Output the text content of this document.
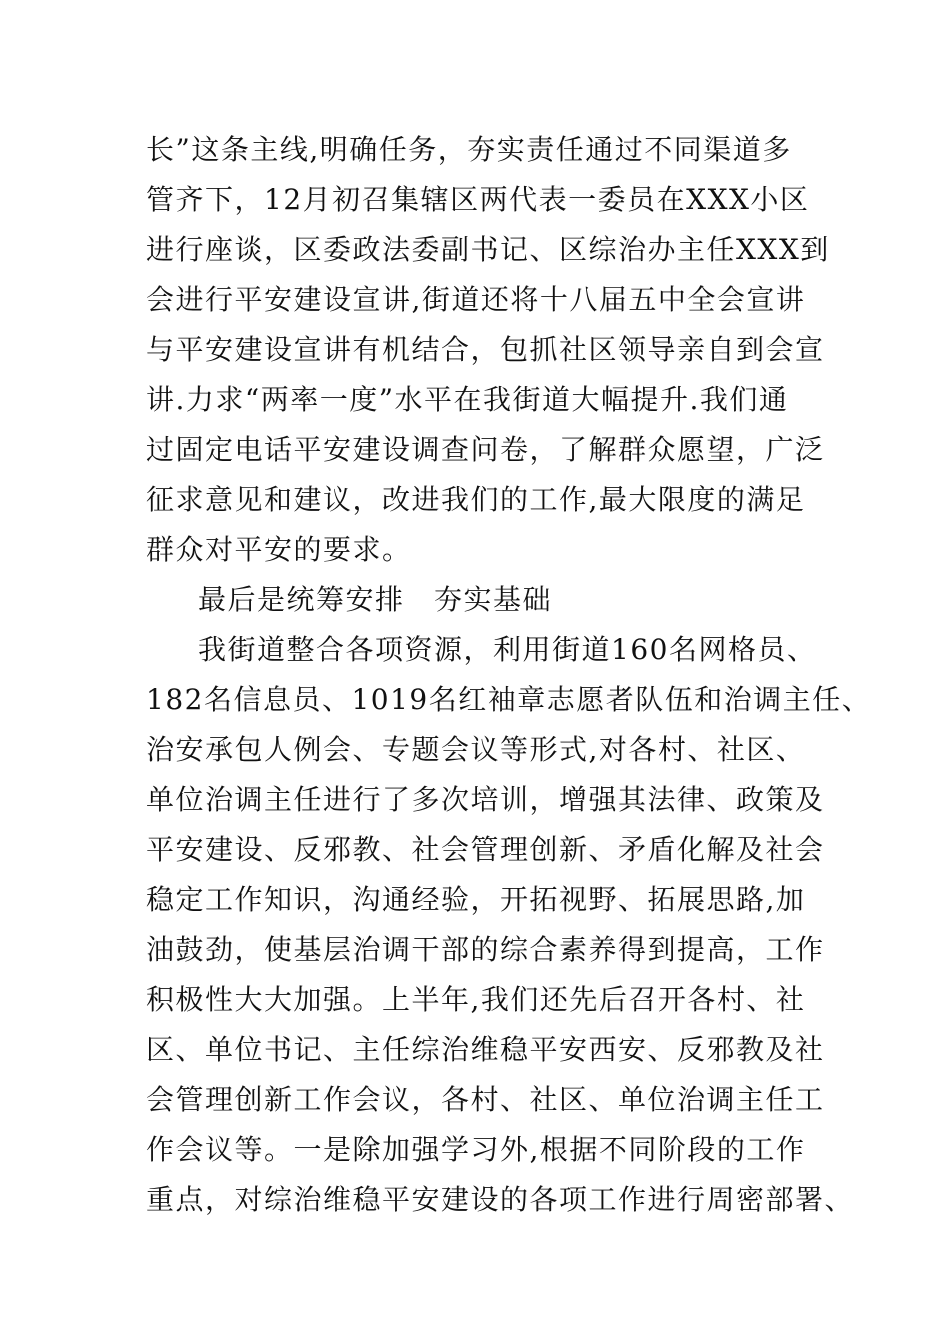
长”这条主线,明确任务，夯实责任通过不同渠道多
管齐下，12月初召集辖区两代表一委员在XXX小区
进行座谈，区委政法委副书记、区综治办主任XXX到
会进行平安建设宣讲,街道还将十八届五中全会宣讲
与平安建设宣讲有机结合，包抓社区领导亲自到会宣
讲.力求“两率一度”水平在我街道大幅提升.我们通
过固定电话平安建设调查问卷，了解群众愿望，广泛
征求意见和建议，改进我们的工作,最大限度的满足
群众对平安的要求。
最后是统筹安排　夯实基础
我街道整合各项资源，利用街道160名网格员、
182名信息员、1019名红袖章志愿者队伍和治调主任、
治安承包人例会、专题会议等形式,对各村、社区、
单位治调主任进行了多次培训，增强其法律、政策及
平安建设、反邪教、社会管理创新、矛盾化解及社会
稳定工作知识，沟通经验，开拓视野、拓展思路,加
油鼓劲，使基层治调干部的综合素养得到提高，工作
积极性大大加强。上半年,我们还先后召开各村、社
区、单位书记、主任综治维稳平安西安、反邪教及社
会管理创新工作会议，各村、社区、单位治调主任工
作会议等。一是除加强学习外,根据不同阶段的工作
重点，对综治维稳平安建设的各项工作进行周密部署、
